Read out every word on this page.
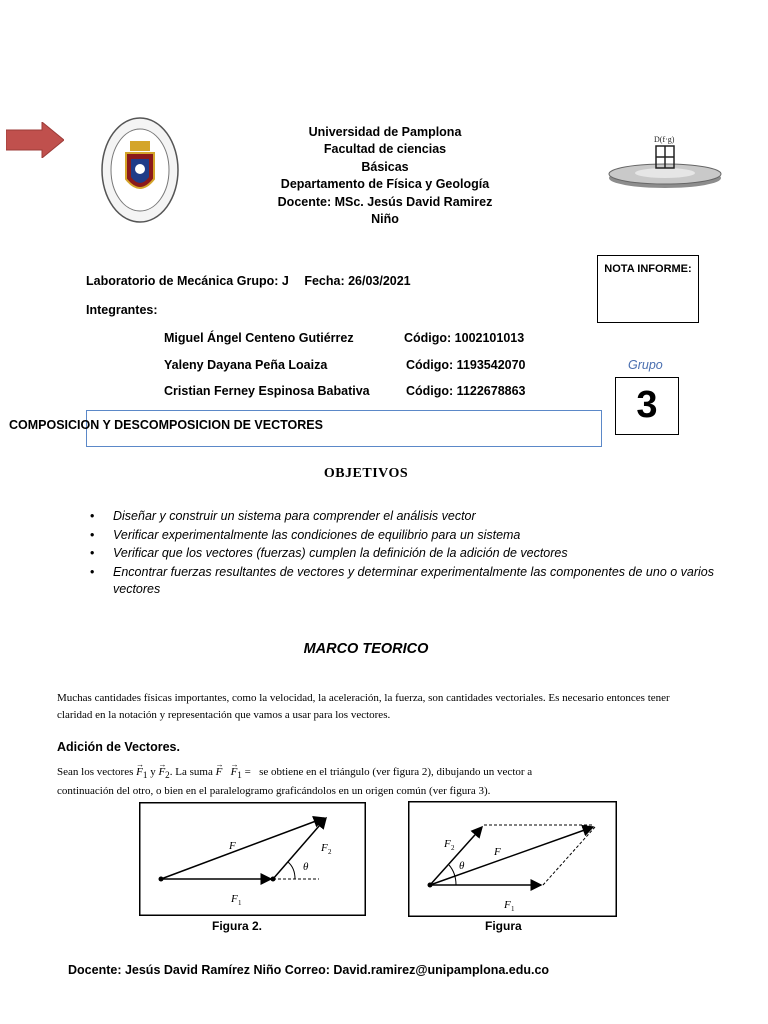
D(f·g)
Universidad de Pamplona
Facultad de ciencias
Básicas
Departamento de Física y Geología
Docente: MSc. Jesús David Ramirez
Niño
Laboratorio de Mecánica Grupo: J Fecha: 26/03/2021
Integrantes:
Miguel Ángel Centeno Gutiérrez	Código: 1002101013
Yaleny Dayana Peña Loaiza	Código: 1193542070
Cristian Ferney Espinosa Babativa	Código: 1122678863
NOTA INFORME:
Grupo
3
COMPOSICION Y DESCOMPOSICION DE VECTORES
OBJETIVOS
• Diseñar y construir un sistema para comprender el análisis vector
• Verificar experimentalmente las condiciones de equilibrio para un sistema
• Verificar que los vectores (fuerzas) cumplen la definición de la adición de vectores
• Encontrar fuerzas resultantes de vectores y determinar experimentalmente las componentes de uno o varios vectores
MARCO TEORICO
Muchas cantidades físicas importantes, como la velocidad, la aceleración, la fuerza, son cantidades vectoriales. Es necesario entonces tener claridad en la notación y representación que vamos a usar para los vectores.
Adición de Vectores.
Sean los vectores → $F_1$ $y \to F_2$. La suma → $F \to F_1$ = se obtiene en el triángulo (ver figura 2), dibujando un vector a
continuación del otro, o bien en el paralelogramo graficándolos en un origen común (ver figura 3).
F
F 1
F 2
θ
Figura 2.
F
F 1
F 2
θ
Figura
Docente: Jesús David Ramírez Niño Correo: David.ramirez@unipamplona.edu.co
